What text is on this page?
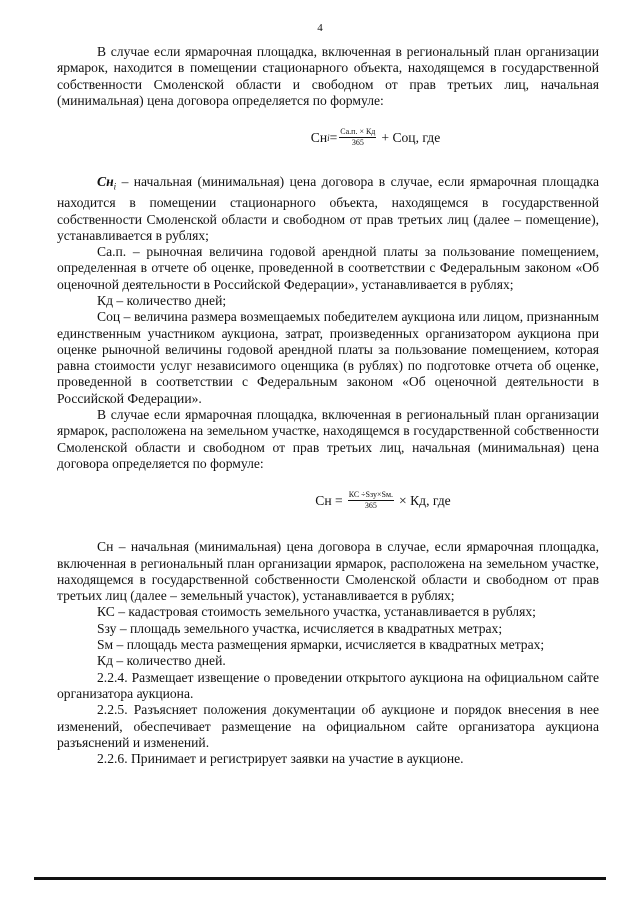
4

В случае если ярмарочная площадка, включенная в региональный план организации ярмарок, находится в помещении стационарного объекта, находящемся в государственной собственности Смоленской области и свободном от прав третьих лиц, начальная (минимальная) цена договора определяется по формуле:

Сн $i = \frac{Са.п. \times Кд}{365}$ + Соц, где

$Сн_i$ – начальная (минимальная) цена договора в случае, если ярмарочная площадка находится в помещении стационарного объекта, находящемся в государственной собственности Смоленской области и свободном от прав третьих лиц (далее – помещение), устанавливается в рублях;

Са.п. – рыночная величина годовой арендной платы за пользование помещением, определенная в отчете об оценке, проведенной в соответствии с Федеральным законом «Об оценочной деятельности в Российской Федерации», устанавливается в рублях;

Кд – количество дней;

Соц – величина размера возмещаемых победителем аукциона или лицом, признанным единственным участником аукциона, затрат, произведенных организатором аукциона при оценке рыночной величины годовой арендной платы за пользование помещением, которая равна стоимости услуг независимого оценщика (в рублях) по подготовке отчета об оценке, проведенной в соответствии с Федеральным законом «Об оценочной деятельности в Российской Федерации».

В случае если ярмарочная площадка, включенная в региональный план организации ярмарок, расположена на земельном участке, находящемся в государственной собственности Смоленской области и свободном от прав третьих лиц, начальная (минимальная) цена договора определяется по формуле:

Сн = $\frac{\text{КС ÷Sзу×Sм.}}{365}$ × Кд, где

Сн – начальная (минимальная) цена договора в случае, если ярмарочная площадка, включенная в региональный план организации ярмарок, расположена на земельном участке, находящемся в государственной собственности Смоленской области и свободном от прав третьих лиц (далее – земельный участок), устанавливается в рублях;

КС – кадастровая стоимость земельного участка, устанавливается в рублях;

Sзу – площадь земельного участка, исчисляется в квадратных метрах;

Sм – площадь места размещения ярмарки, исчисляется в квадратных метрах;

Кд – количество дней.

2.2.4. Размещает извещение о проведении открытого аукциона на официальном сайте организатора аукциона.

2.2.5. Разъясняет положения документации об аукционе и порядок внесения в нее изменений, обеспечивает размещение на официальном сайте организатора аукциона разъяснений и изменений.

2.2.6. Принимает и регистрирует заявки на участие в аукционе.
